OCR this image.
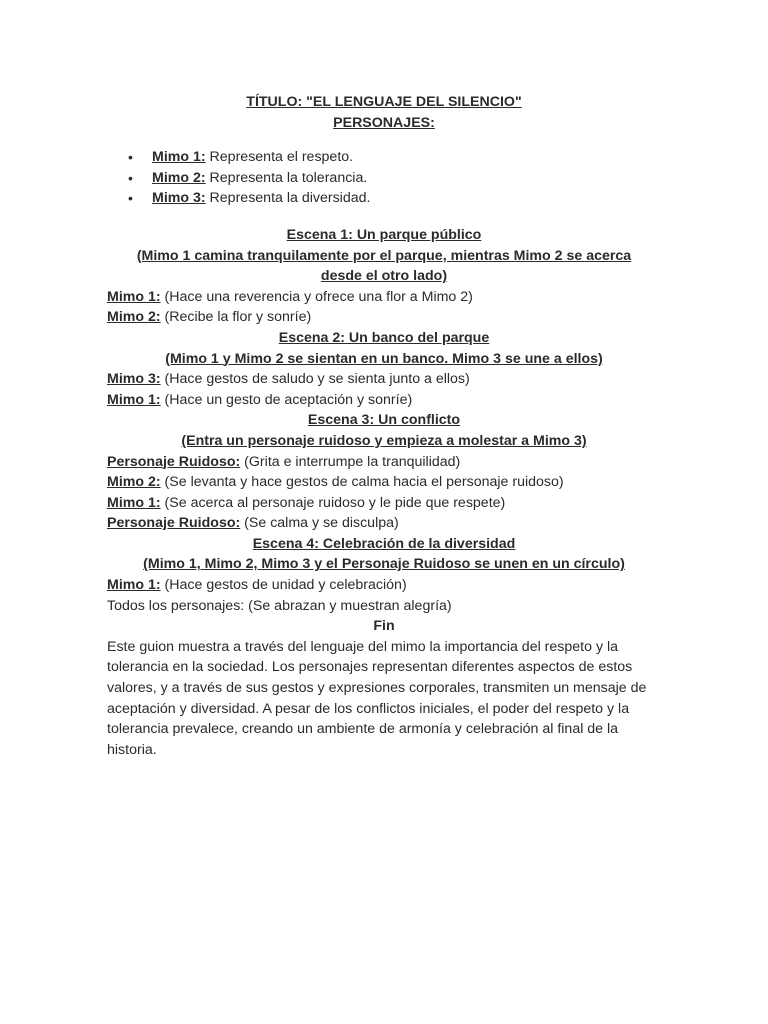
TÍTULO: "EL LENGUAJE DEL SILENCIO"
PERSONAJES:
• Mimo 1: Representa el respeto.
• Mimo 2: Representa la tolerancia.
• Mimo 3: Representa la diversidad.
Escena 1: Un parque público
(Mimo 1 camina tranquilamente por el parque, mientras Mimo 2 se acerca desde el otro lado)
Mimo 1: (Hace una reverencia y ofrece una flor a Mimo 2)
Mimo 2: (Recibe la flor y sonríe)
Escena 2: Un banco del parque
(Mimo 1 y Mimo 2 se sientan en un banco. Mimo 3 se une a ellos)
Mimo 3: (Hace gestos de saludo y se sienta junto a ellos)
Mimo 1: (Hace un gesto de aceptación y sonríe)
Escena 3: Un conflicto
(Entra un personaje ruidoso y empieza a molestar a Mimo 3)
Personaje Ruidoso: (Grita e interrumpe la tranquilidad)
Mimo 2: (Se levanta y hace gestos de calma hacia el personaje ruidoso)
Mimo 1: (Se acerca al personaje ruidoso y le pide que respete)
Personaje Ruidoso: (Se calma y se disculpa)
Escena 4: Celebración de la diversidad
(Mimo 1, Mimo 2, Mimo 3 y el Personaje Ruidoso se unen en un círculo)
Mimo 1: (Hace gestos de unidad y celebración)
Todos los personajes: (Se abrazan y muestran alegría)
Fin

Este guion muestra a través del lenguaje del mimo la importancia del respeto y la tolerancia en la sociedad. Los personajes representan diferentes aspectos de estos valores, y a través de sus gestos y expresiones corporales, transmiten un mensaje de aceptación y diversidad. A pesar de los conflictos iniciales, el poder del respeto y la tolerancia prevalece, creando un ambiente de armonía y celebración al final de la historia.
